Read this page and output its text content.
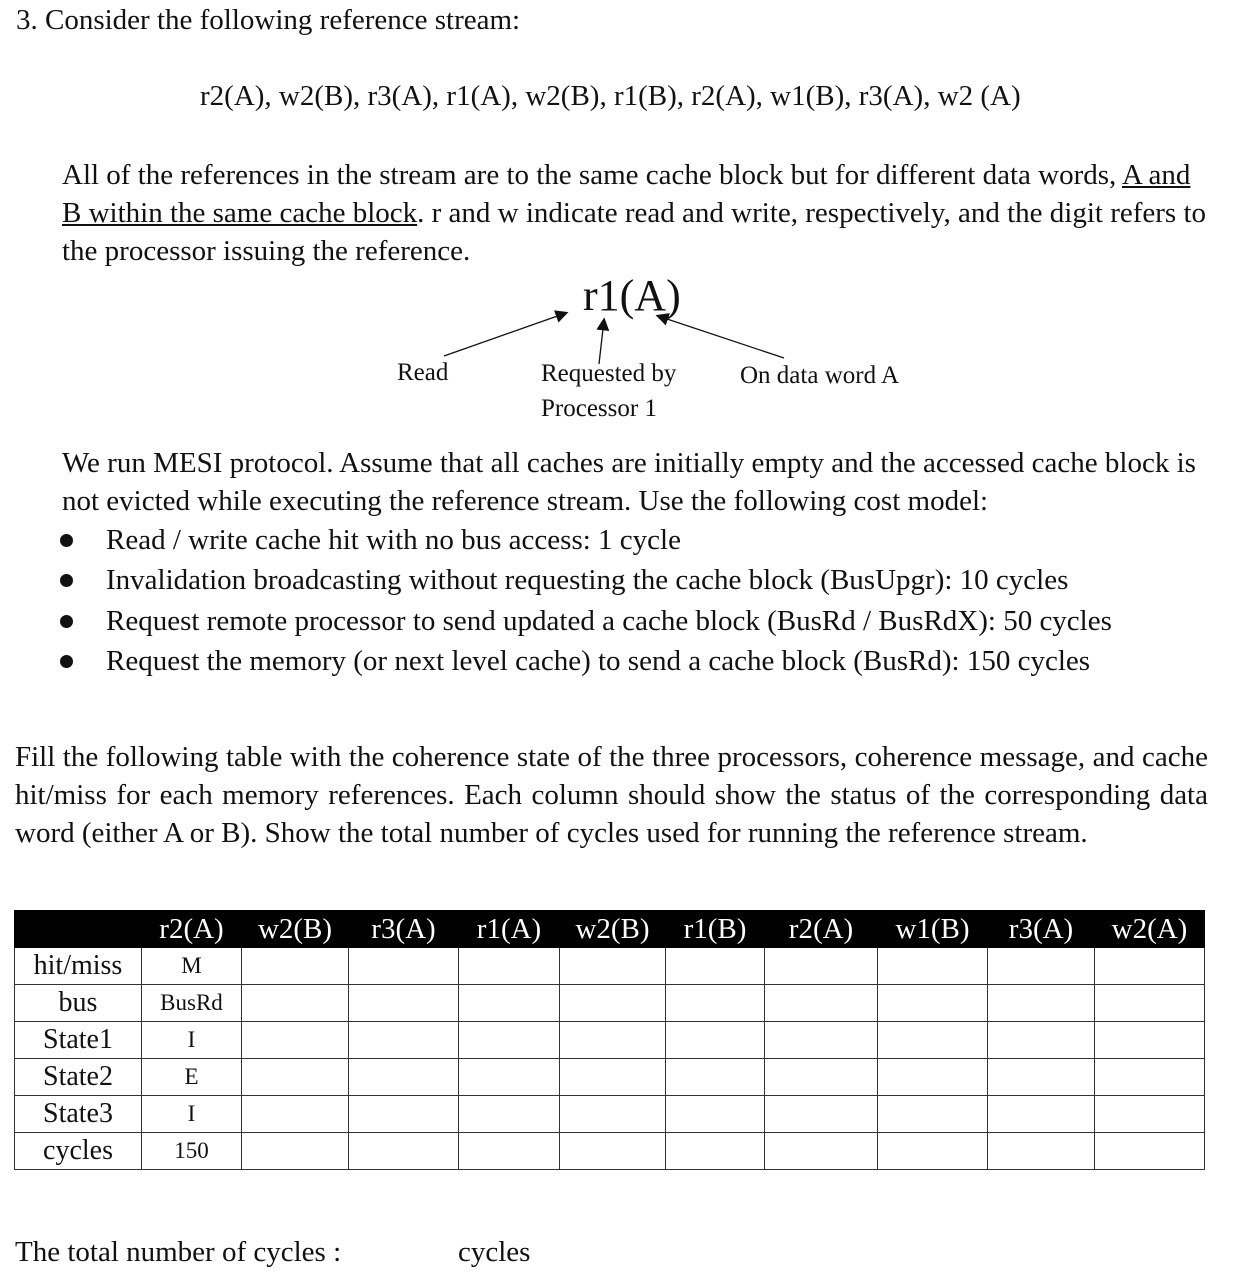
3. Consider the following reference stream:
r2(A), w2(B), r3(A), r1(A), w2(B), r1(B), r2(A), w1(B), r3(A), w2 (A)
All of the references in the stream are to the same cache block but for different data words, A and B within the same cache block. r and w indicate read and write, respectively, and the digit refers to the processor issuing the reference.
r1(A)
Read	Requested by
Processor 1
On data word A
We run MESI protocol. Assume that all caches are initially empty and the accessed cache block is not evicted while executing the reference stream. Use the following cost model:
Read / write cache hit with no bus access: 1 cycle
Invalidation broadcasting without requesting the cache block (BusUpgr): 10 cycles
Request remote processor to send updated a cache block (BusRd / BusRdX): 50 cycles
Request the memory (or next level cache) to send a cache block (BusRd): 150 cycles
Fill the following table with the coherence state of the three processors, coherence message, and cache hit/miss for each memory references. Each column should show the status of the corresponding data word (either A or B). Show the total number of cycles used for running the reference stream.
	r2(A)	w2(B)	r3(A)	r1(A)	w2(B)	r1(B)	r2(A)	w1(B)	r3(A)	w2(A)
hit/miss	M									
bus	BusRd									
State1	I									
State2	E									
State3	I									
cycles	150									
The total number of cycles :	cycles
